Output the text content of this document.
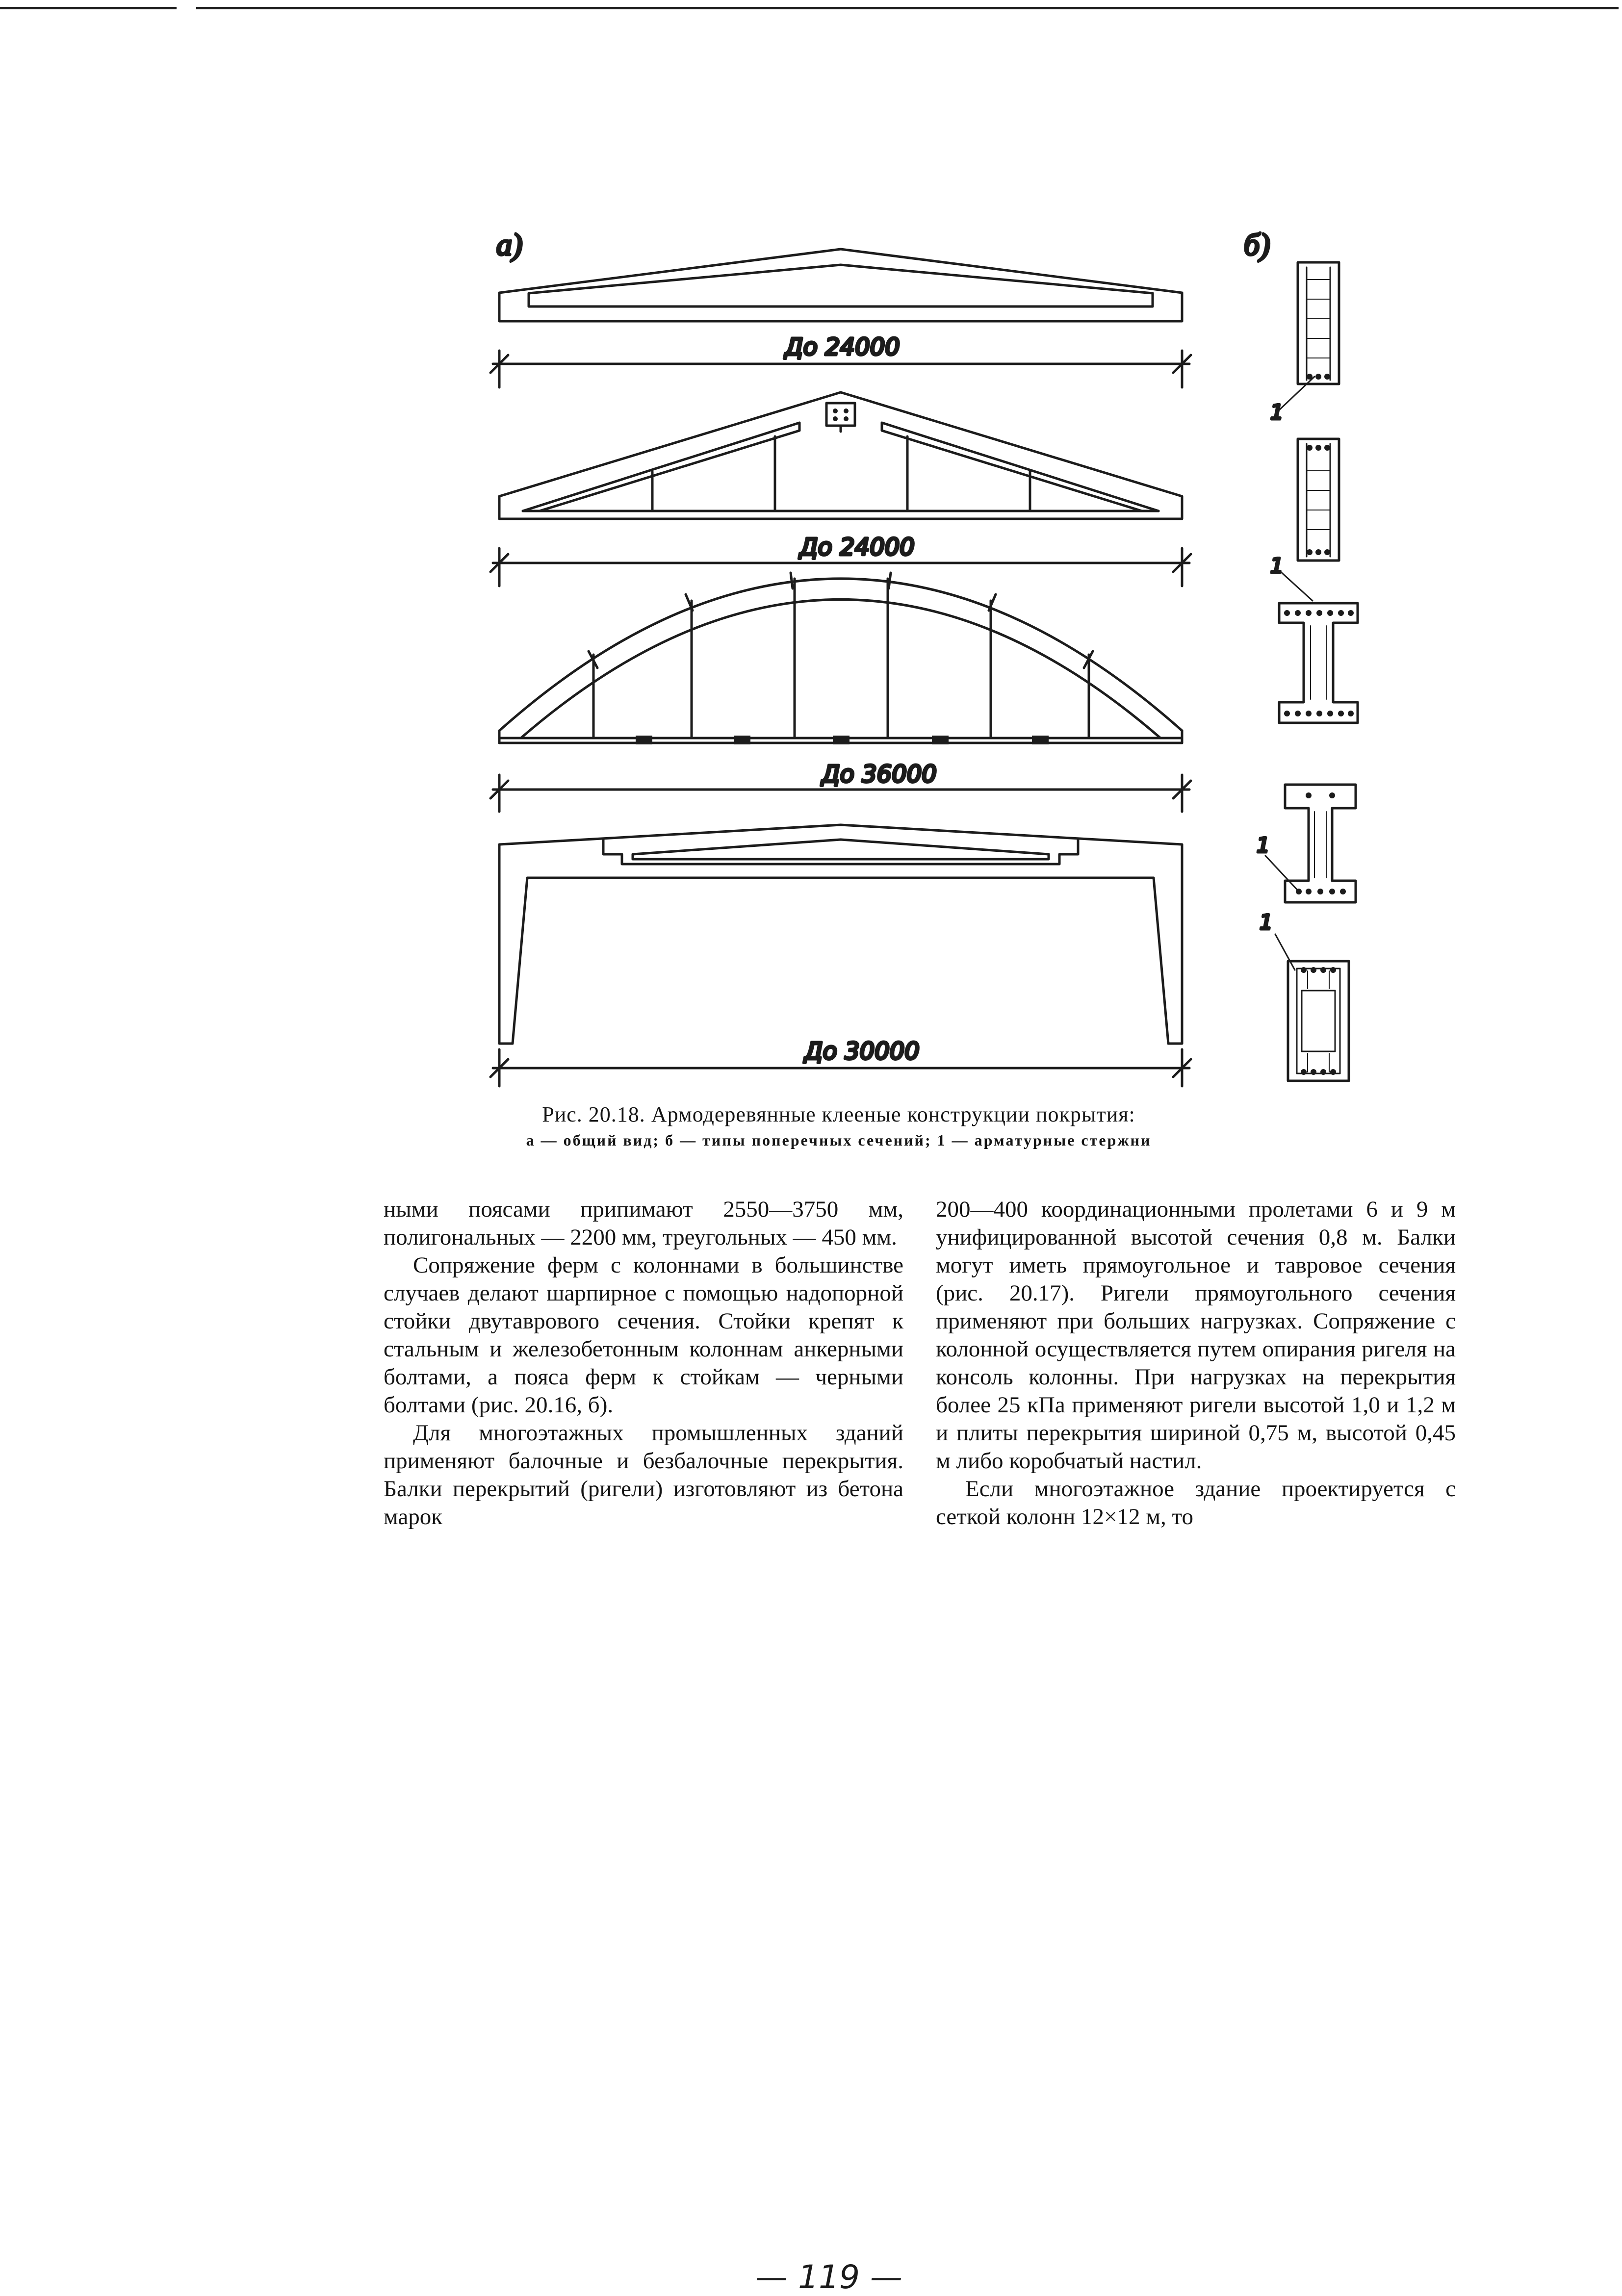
а)
До 24000
До 24000
До 36000
До 30000
б)
1
1
1
1
Рис. 20.18. Армодеревянные клееные конструкции покрытия:
а — общий вид; б — типы поперечных сечений; 1 — арматурные стержни

ными поясами припимают 2550—3750 мм, полигональных — 2200 мм, треугольных — 450 мм.

Сопряжение ферм с колоннами в большинстве случаев делают шарпирное с помощью надопорной стойки двутаврового сечения. Стойки крепят к стальным и железобетонным колоннам анкерными болтами, а пояса ферм к стойкам — черными болтами (рис. 20.16, б).

Для многоэтажных промышленных зданий применяют балочные и безбалочные перекрытия. Балки перекрытий (ригели) изготовляют из бетона марок

200—400 координационными пролетами 6 и 9 м унифицированной высотой сечения 0,8 м. Балки могут иметь прямоугольное и тавровое сечения (рис. 20.17). Ригели прямоугольного сечения применяют при больших нагрузках. Сопряжение с колонной осуществляется путем опирания ригеля на консоль колонны. При нагрузках на перекрытия более 25 кПа применяют ригели высотой 1,0 и 1,2 м и плиты перекрытия шириной 0,75 м, высотой 0,45 м либо коробчатый настил.

Если многоэтажное здание проектируется с сеткой колонн 12×12 м, то

— 119 —
